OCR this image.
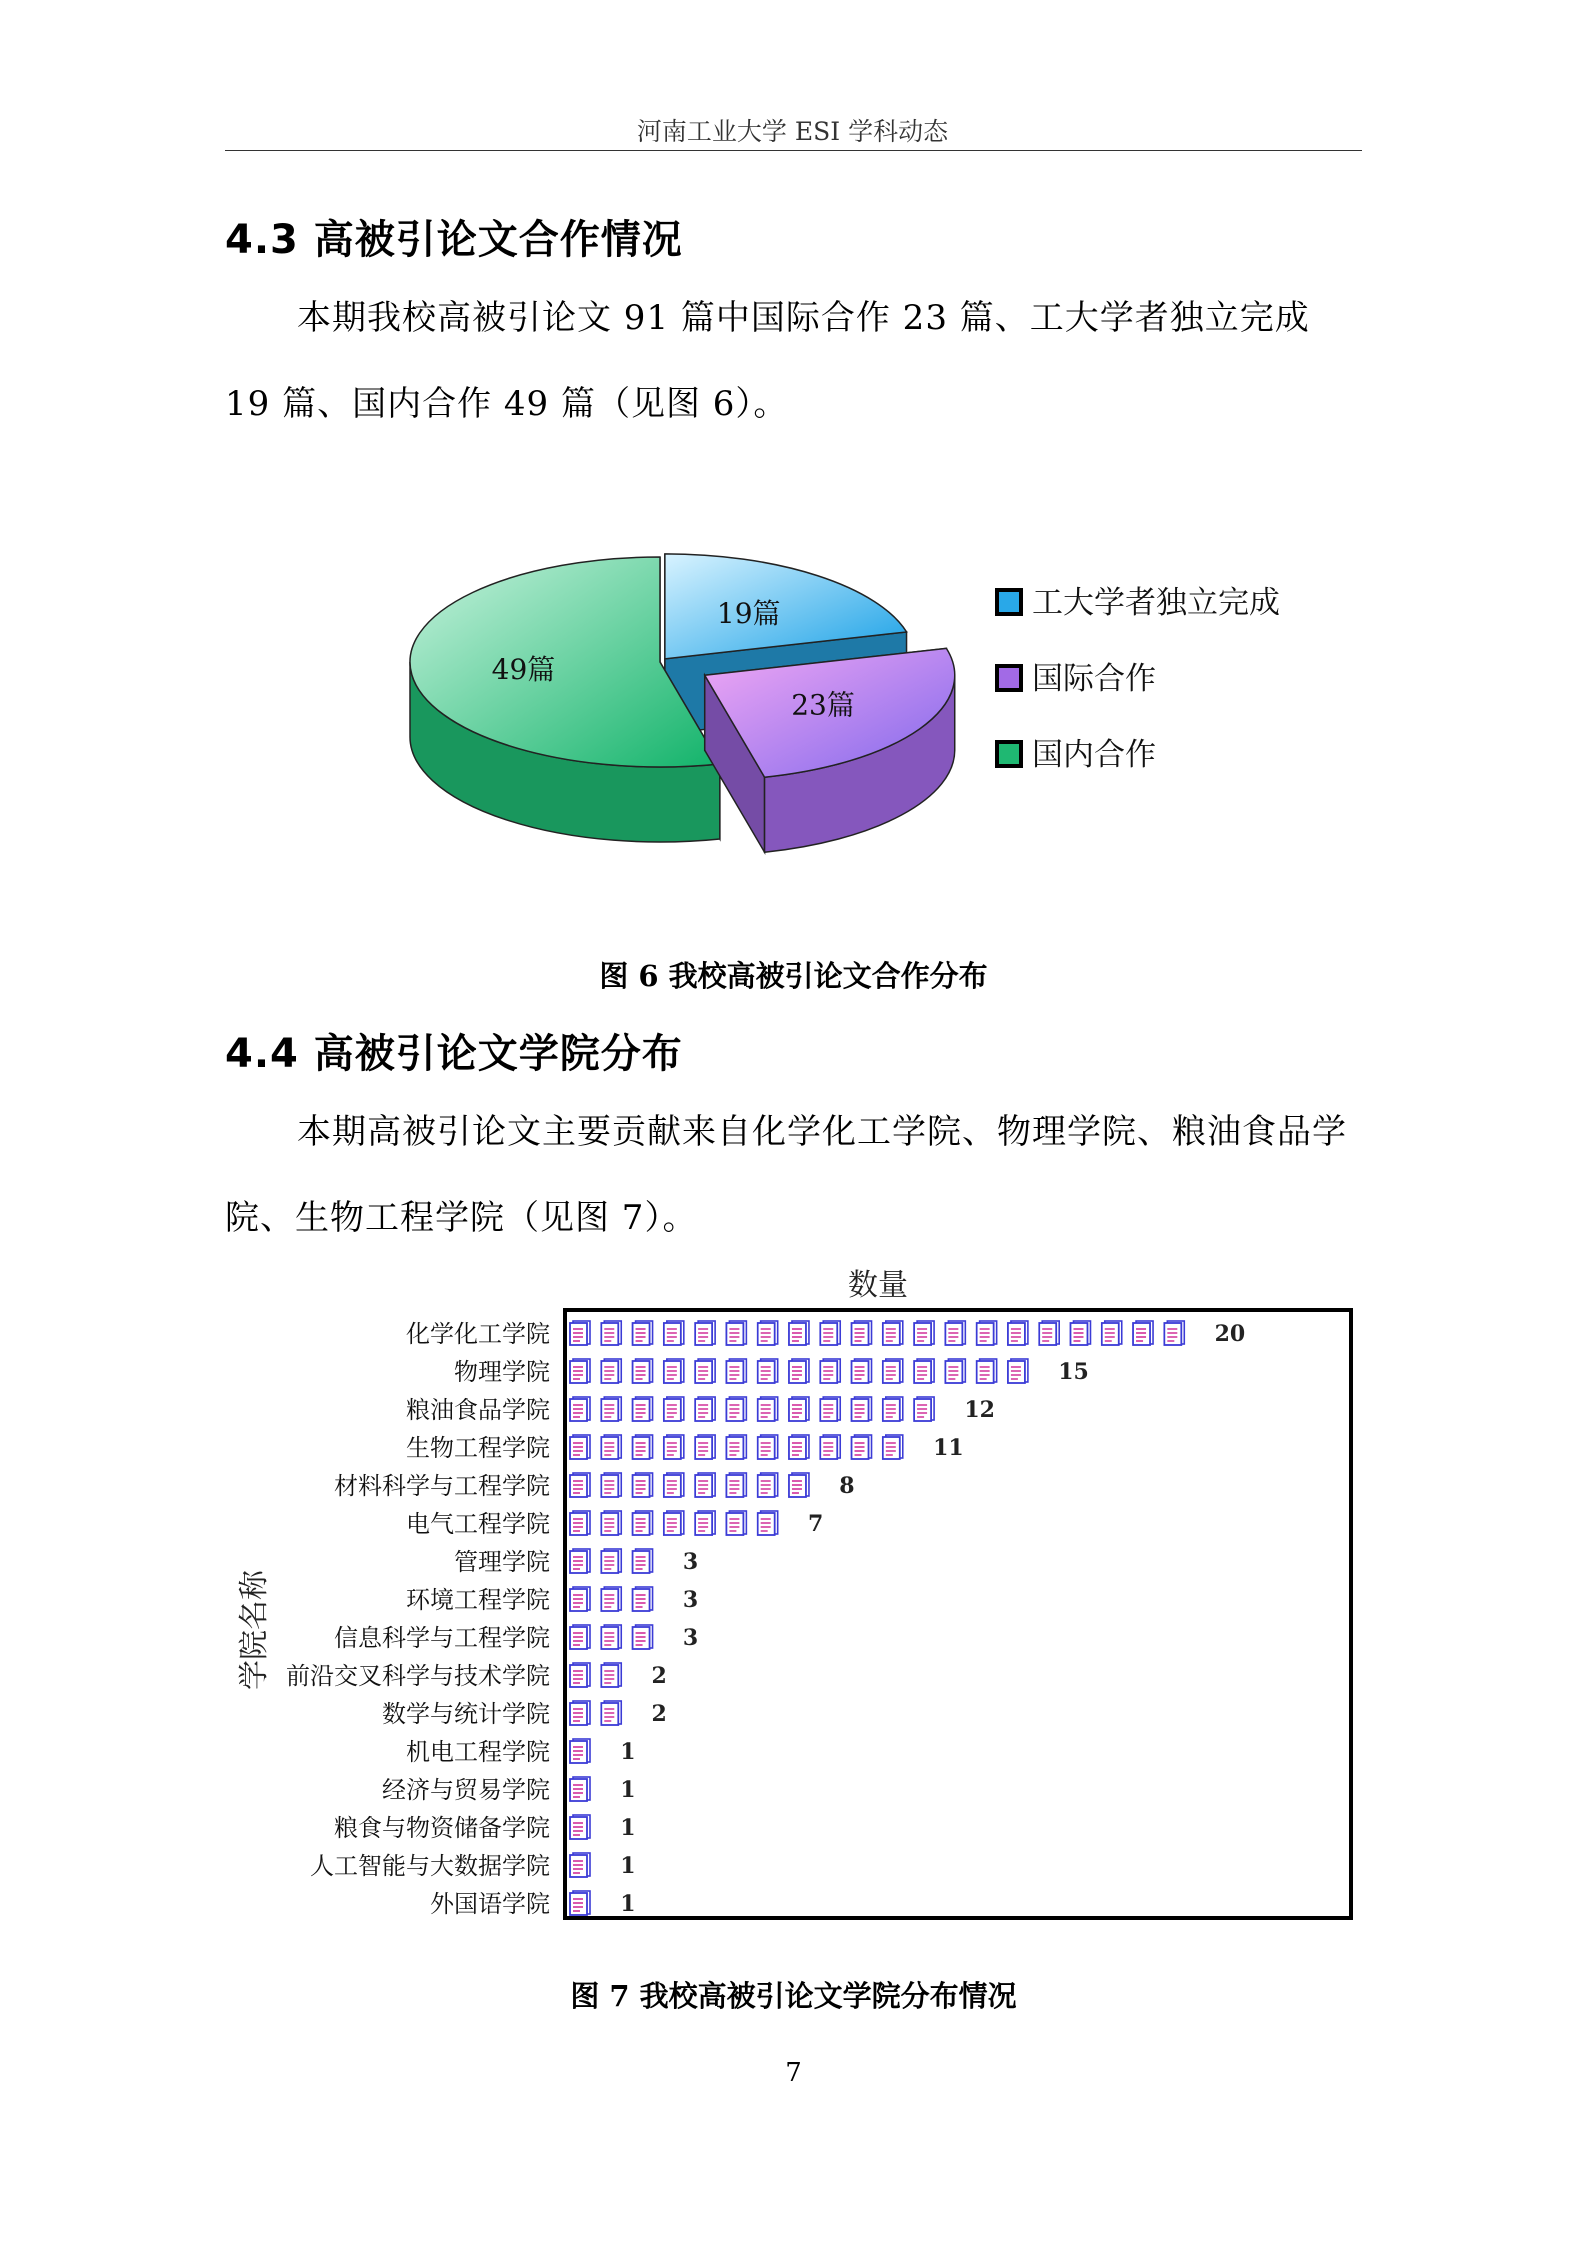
河南工业大学 ESI 学科动态
4.3 高被引论文合作情况

本期我校高被引论文 91 篇中国际合作 23 篇、工大学者独立完成 19 篇、国内合作 49 篇（见图 6）。

19篇
23篇
49篇
工大学者独立完成
国际合作
国内合作
图 6 我校高被引论文合作分布
4.4 高被引论文学院分布

本期高被引论文主要贡献来自化学化工学院、物理学院、粮油食品学院、生物工程学院（见图 7）。

数量
学院名称
化学化工学院
物理学院
粮油食品学院
生物工程学院
材料科学与工程学院
电气工程学院
管理学院
环境工程学院
信息科学与工程学院
前沿交叉科学与技术学院
数学与统计学院
机电工程学院
经济与贸易学院
粮食与物资储备学院
人工智能与大数据学院
外国语学院
20
15
12
11
8
7
3
3
3
2
2
1
1
1
1
1
图 7 我校高被引论文学院分布情况
7
